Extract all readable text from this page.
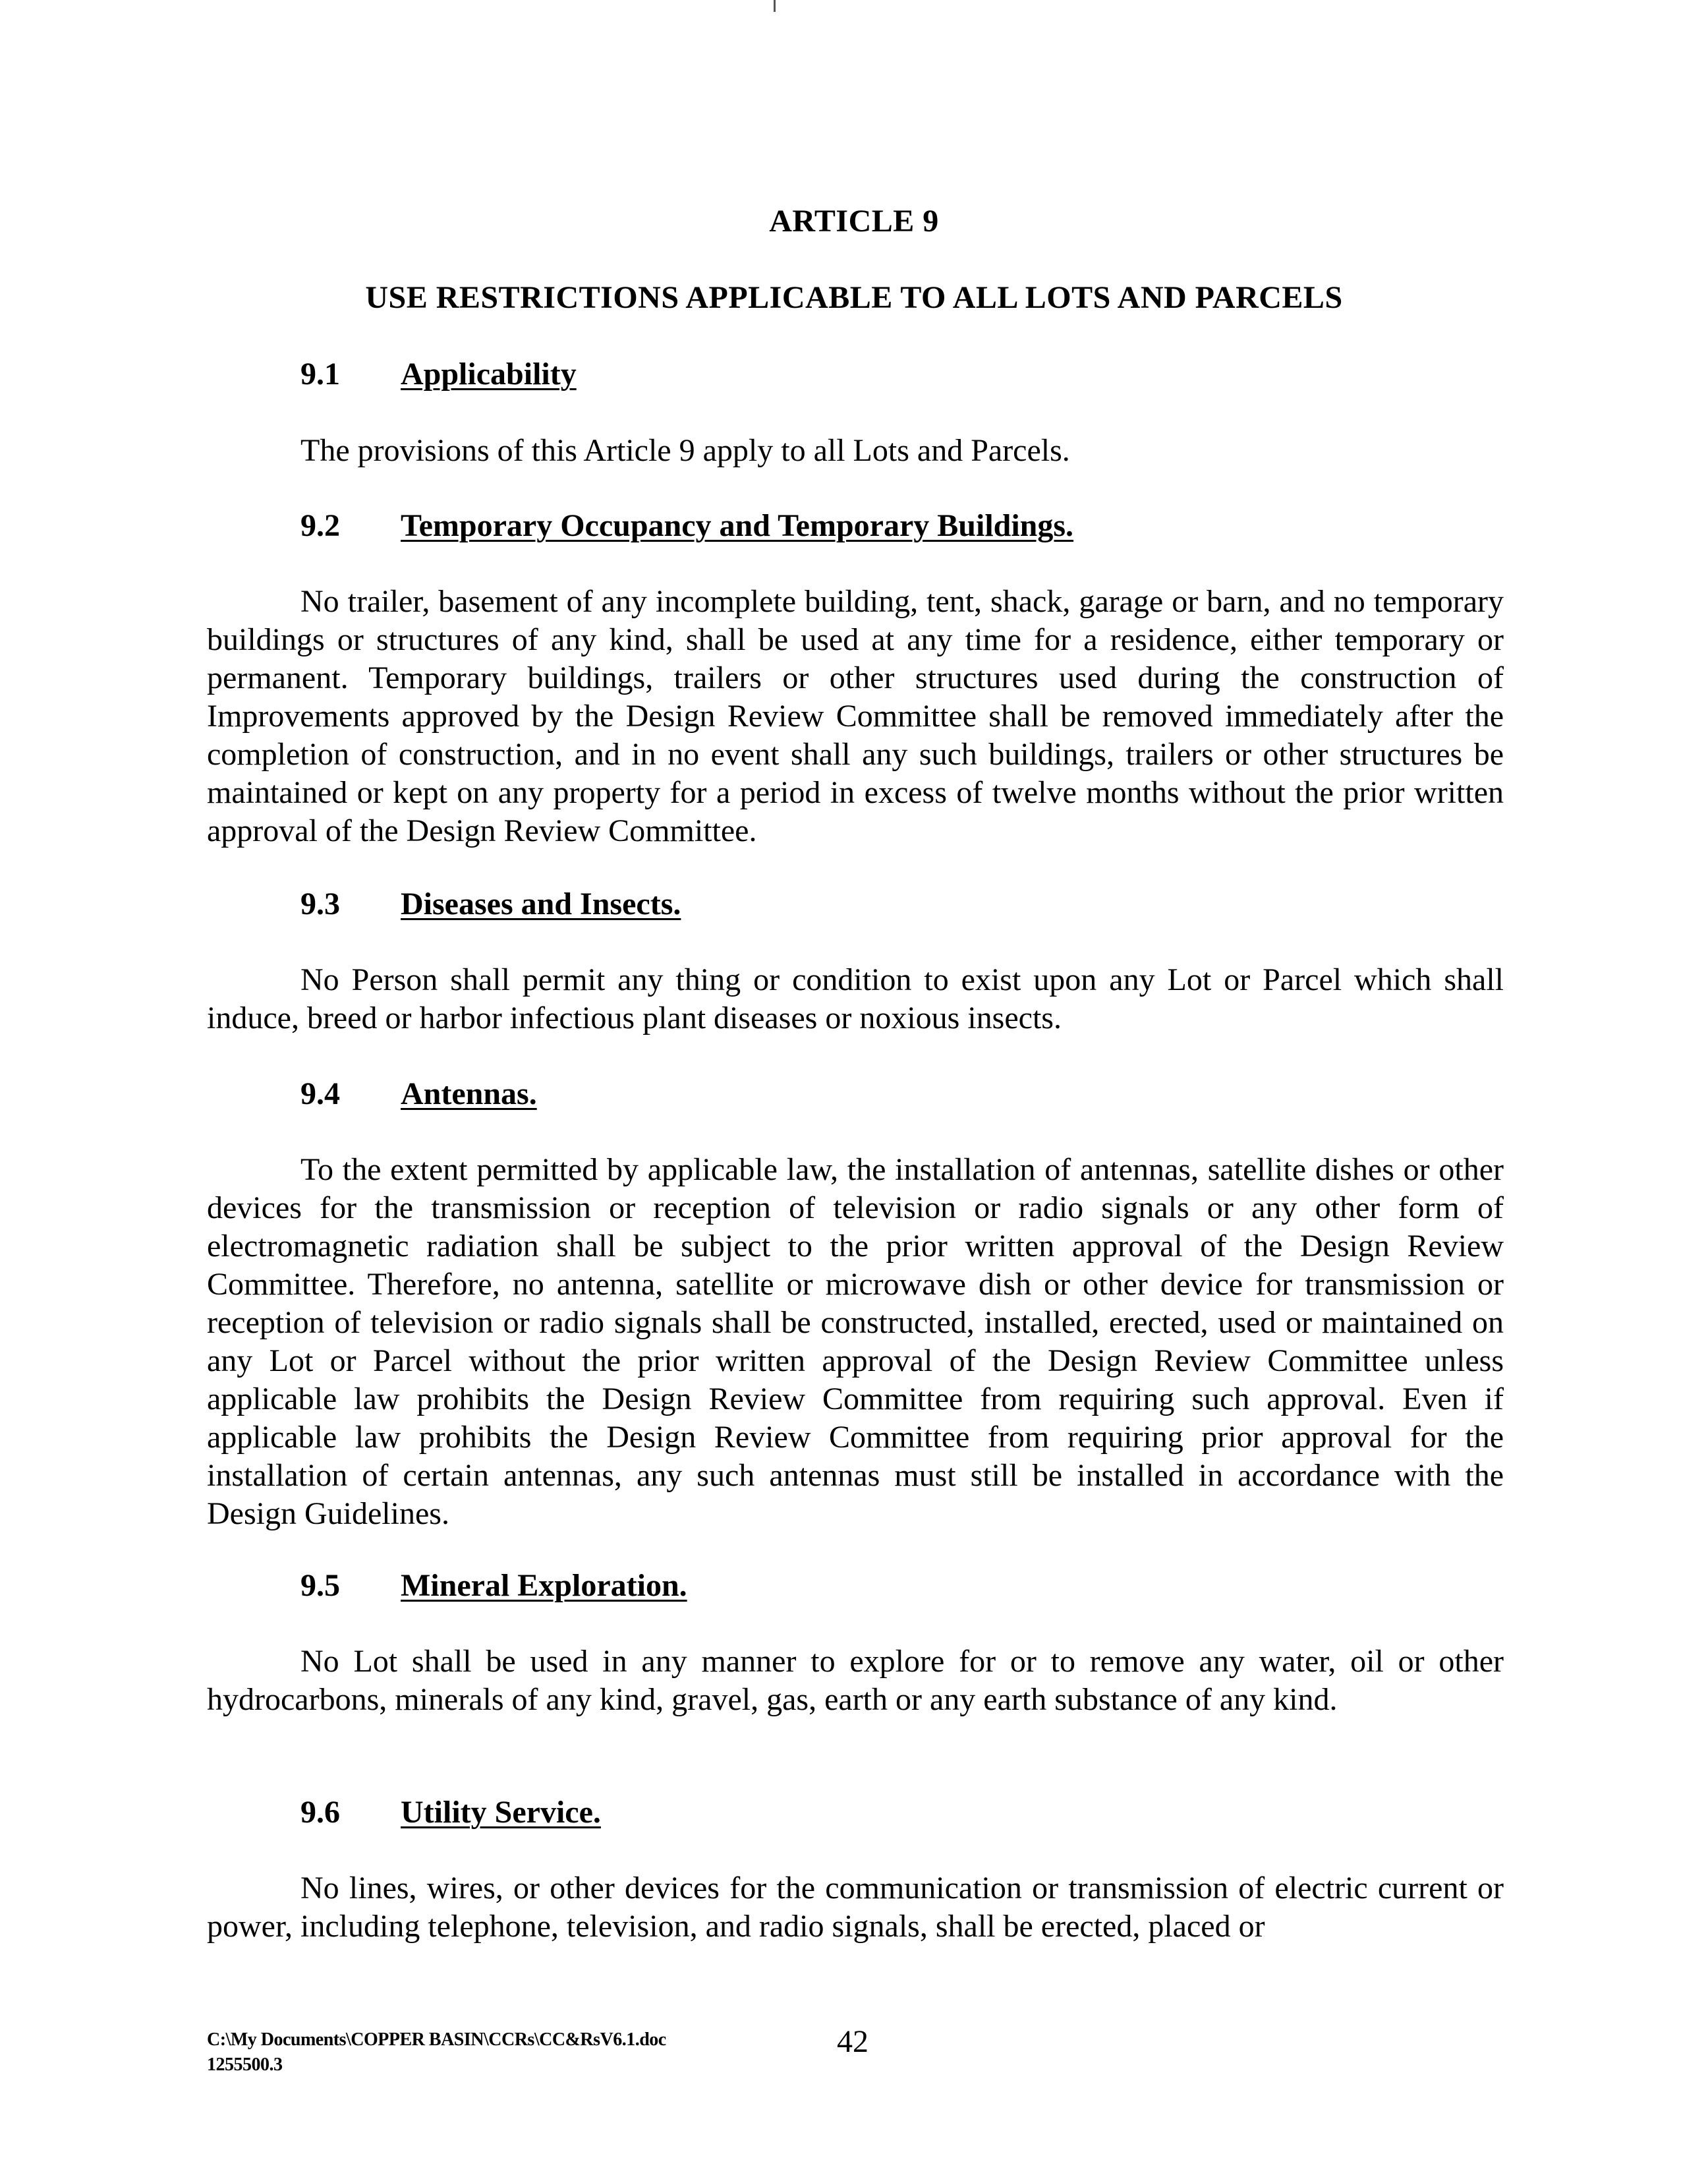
ARTICLE 9
USE RESTRICTIONS APPLICABLE TO ALL LOTS AND PARCELS
9.1 Applicability

The provisions of this Article 9 apply to all Lots and Parcels.

9.2 Temporary Occupancy and Temporary Buildings.

No trailer, basement of any incomplete building, tent, shack, garage or barn, and no temporary buildings or structures of any kind, shall be used at any time for a residence, either temporary or permanent. Temporary buildings, trailers or other structures used during the construction of Improvements approved by the Design Review Committee shall be removed immediately after the completion of construction, and in no event shall any such buildings, trailers or other structures be maintained or kept on any property for a period in excess of twelve months without the prior written approval of the Design Review Committee.

9.3 Diseases and Insects.

No Person shall permit any thing or condition to exist upon any Lot or Parcel which shall induce, breed or harbor infectious plant diseases or noxious insects.

9.4 Antennas.

To the extent permitted by applicable law, the installation of antennas, satellite dishes or other devices for the transmission or reception of television or radio signals or any other form of electromagnetic radiation shall be subject to the prior written approval of the Design Review Committee. Therefore, no antenna, satellite or microwave dish or other device for transmission or reception of television or radio signals shall be constructed, installed, erected, used or maintained on any Lot or Parcel without the prior written approval of the Design Review Committee unless applicable law prohibits the Design Review Committee from requiring such approval. Even if applicable law prohibits the Design Review Committee from requiring prior approval for the installation of certain antennas, any such antennas must still be installed in accordance with the Design Guidelines.

9.5 Mineral Exploration.

No Lot shall be used in any manner to explore for or to remove any water, oil or other hydrocarbons, minerals of any kind, gravel, gas, earth or any earth substance of any kind.

9.6 Utility Service.

No lines, wires, or other devices for the communication or transmission of electric current or power, including telephone, television, and radio signals, shall be erected, placed or

C:\My Documents\COPPER BASIN\CCRs\CC&RsV6.1.doc
1255500.3
42
